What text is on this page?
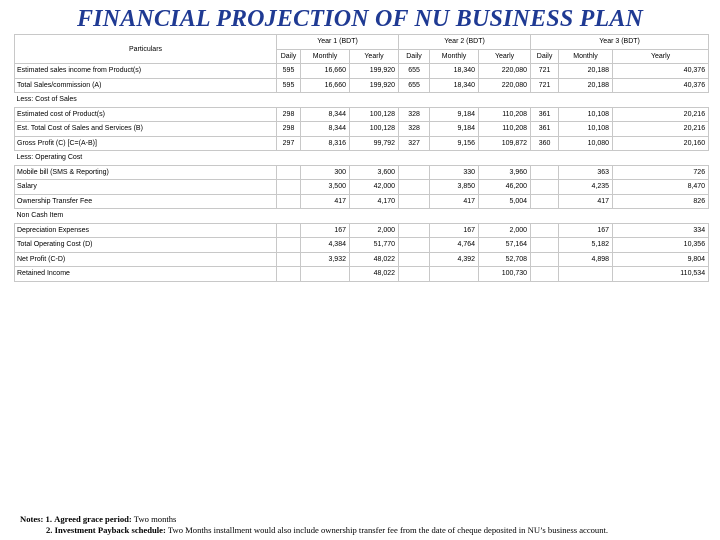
FINANCIAL PROJECTION OF NU BUSINESS PLAN
Particulars	Year 1 (BDT)			Year 2 (BDT)			Year 3 (BDT)		
	Daily	Monthly	Yearly	Daily	Monthly	Yearly	Daily	Monthly	Yearly
Estimated sales income from Product(s)	595	16,660	199,920	655	18,340	220,080	721	20,188	40,376
Total Sales/commission (A)	595	16,660	199,920	655	18,340	220,080	721	20,188	40,376
Less: Cost of Sales									
Estimated cost of Product(s)	298	8,344	100,128	328	9,184	110,208	361	10,108	20,216
Est. Total Cost of Sales and Services (B)	298	8,344	100,128	328	9,184	110,208	361	10,108	20,216
Gross Profit (C) [C=(A-B)]	297	8,316	99,792	327	9,156	109,872	360	10,080	20,160
Less: Operating Cost									
Mobile bill (SMS & Reporting)		300	3,600		330	3,960		363	726
Salary		3,500	42,000		3,850	46,200		4,235	8,470
Ownership Transfer Fee		417	4,170		417	5,004		417	826
Non Cash Item									
Depreciation Expenses		167	2,000		167	2,000		167	334
Total Operating Cost (D)		4,384	51,770		4,764	57,164		5,182	10,356
Net Profit (C-D)		3,932	48,022		4,392	52,708		4,898	9,804
Retained Income			48,022			100,730			110,534
Notes: 1. Agreed grace period: Two months
2. Investment Payback schedule: Two Months installment would also include ownership transfer fee from the date of cheque deposited in NU’s business account.
